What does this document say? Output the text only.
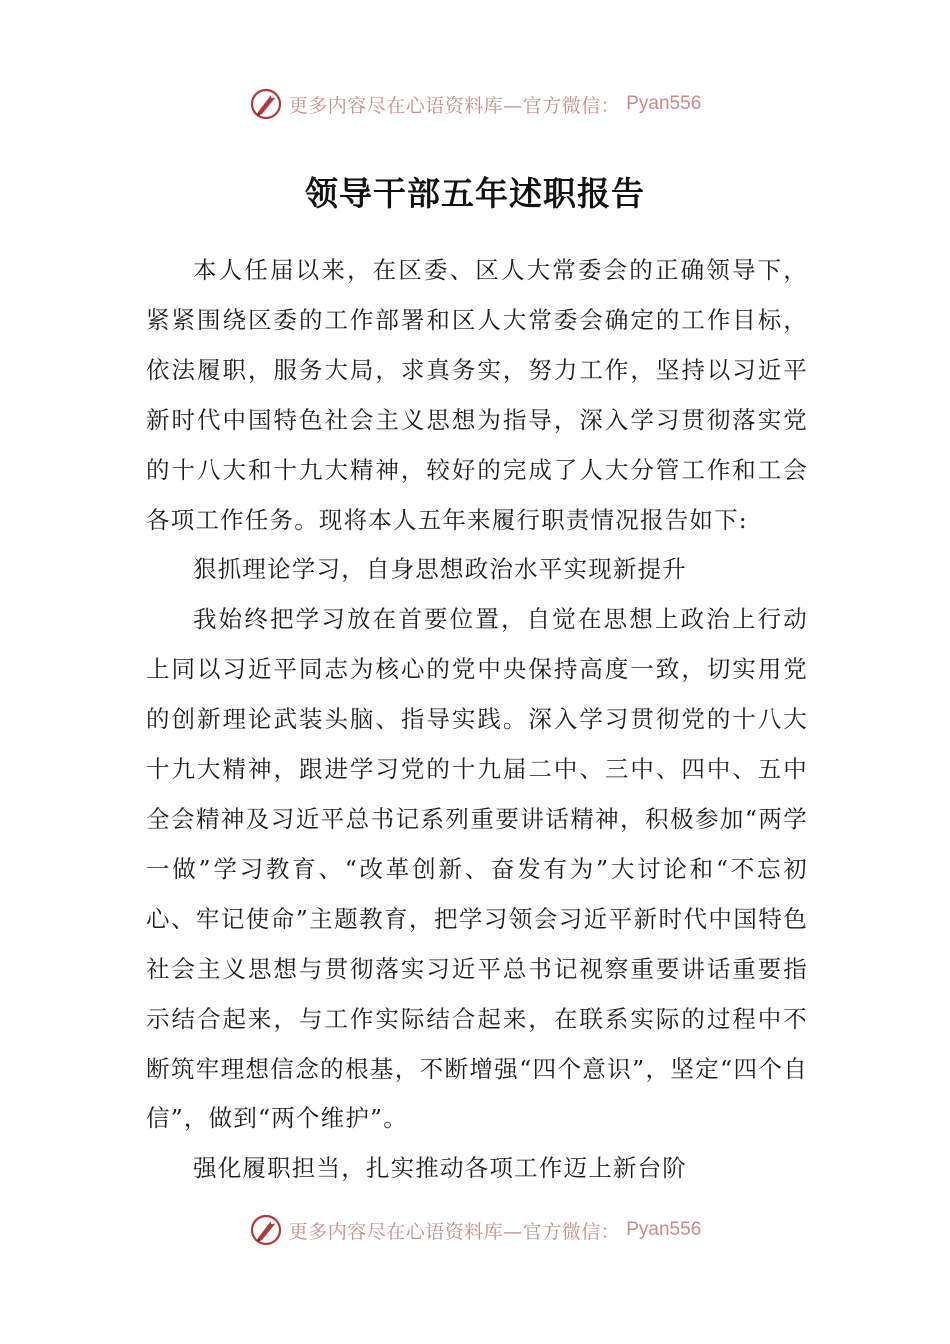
更多内容尽在心语资料库—官方微信： Pyan556
领导干部五年述职报告

本人任届以来，在区委、区人大常委会的正确领导下，紧紧围绕区委的工作部署和区人大常委会确定的工作目标，依法履职，服务大局，求真务实，努力工作，坚持以习近平新时代中国特色社会主义思想为指导，深入学习贯彻落实党的十八大和十九大精神，较好的完成了人大分管工作和工会各项工作任务。现将本人五年来履行职责情况报告如下:

狠抓理论学习，自身思想政治水平实现新提升

我始终把学习放在首要位置，自觉在思想上政治上行动上同以习近平同志为核心的党中央保持高度一致，切实用党的创新理论武装头脑、指导实践。深入学习贯彻党的十八大十九大精神，跟进学习党的十九届二中、三中、四中、五中全会精神及习近平总书记系列重要讲话精神，积极参加“两学一做”学习教育、“改革创新、奋发有为”大讨论和“不忘初心、牢记使命”主题教育，把学习领会习近平新时代中国特色社会主义思想与贯彻落实习近平总书记视察重要讲话重要指示结合起来，与工作实际结合起来，在联系实际的过程中不断筑牢理想信念的根基，不断增强“四个意识”，坚定“四个自信”，做到“两个维护”。

强化履职担当，扎实推动各项工作迈上新台阶

更多内容尽在心语资料库—官方微信： Pyan556
